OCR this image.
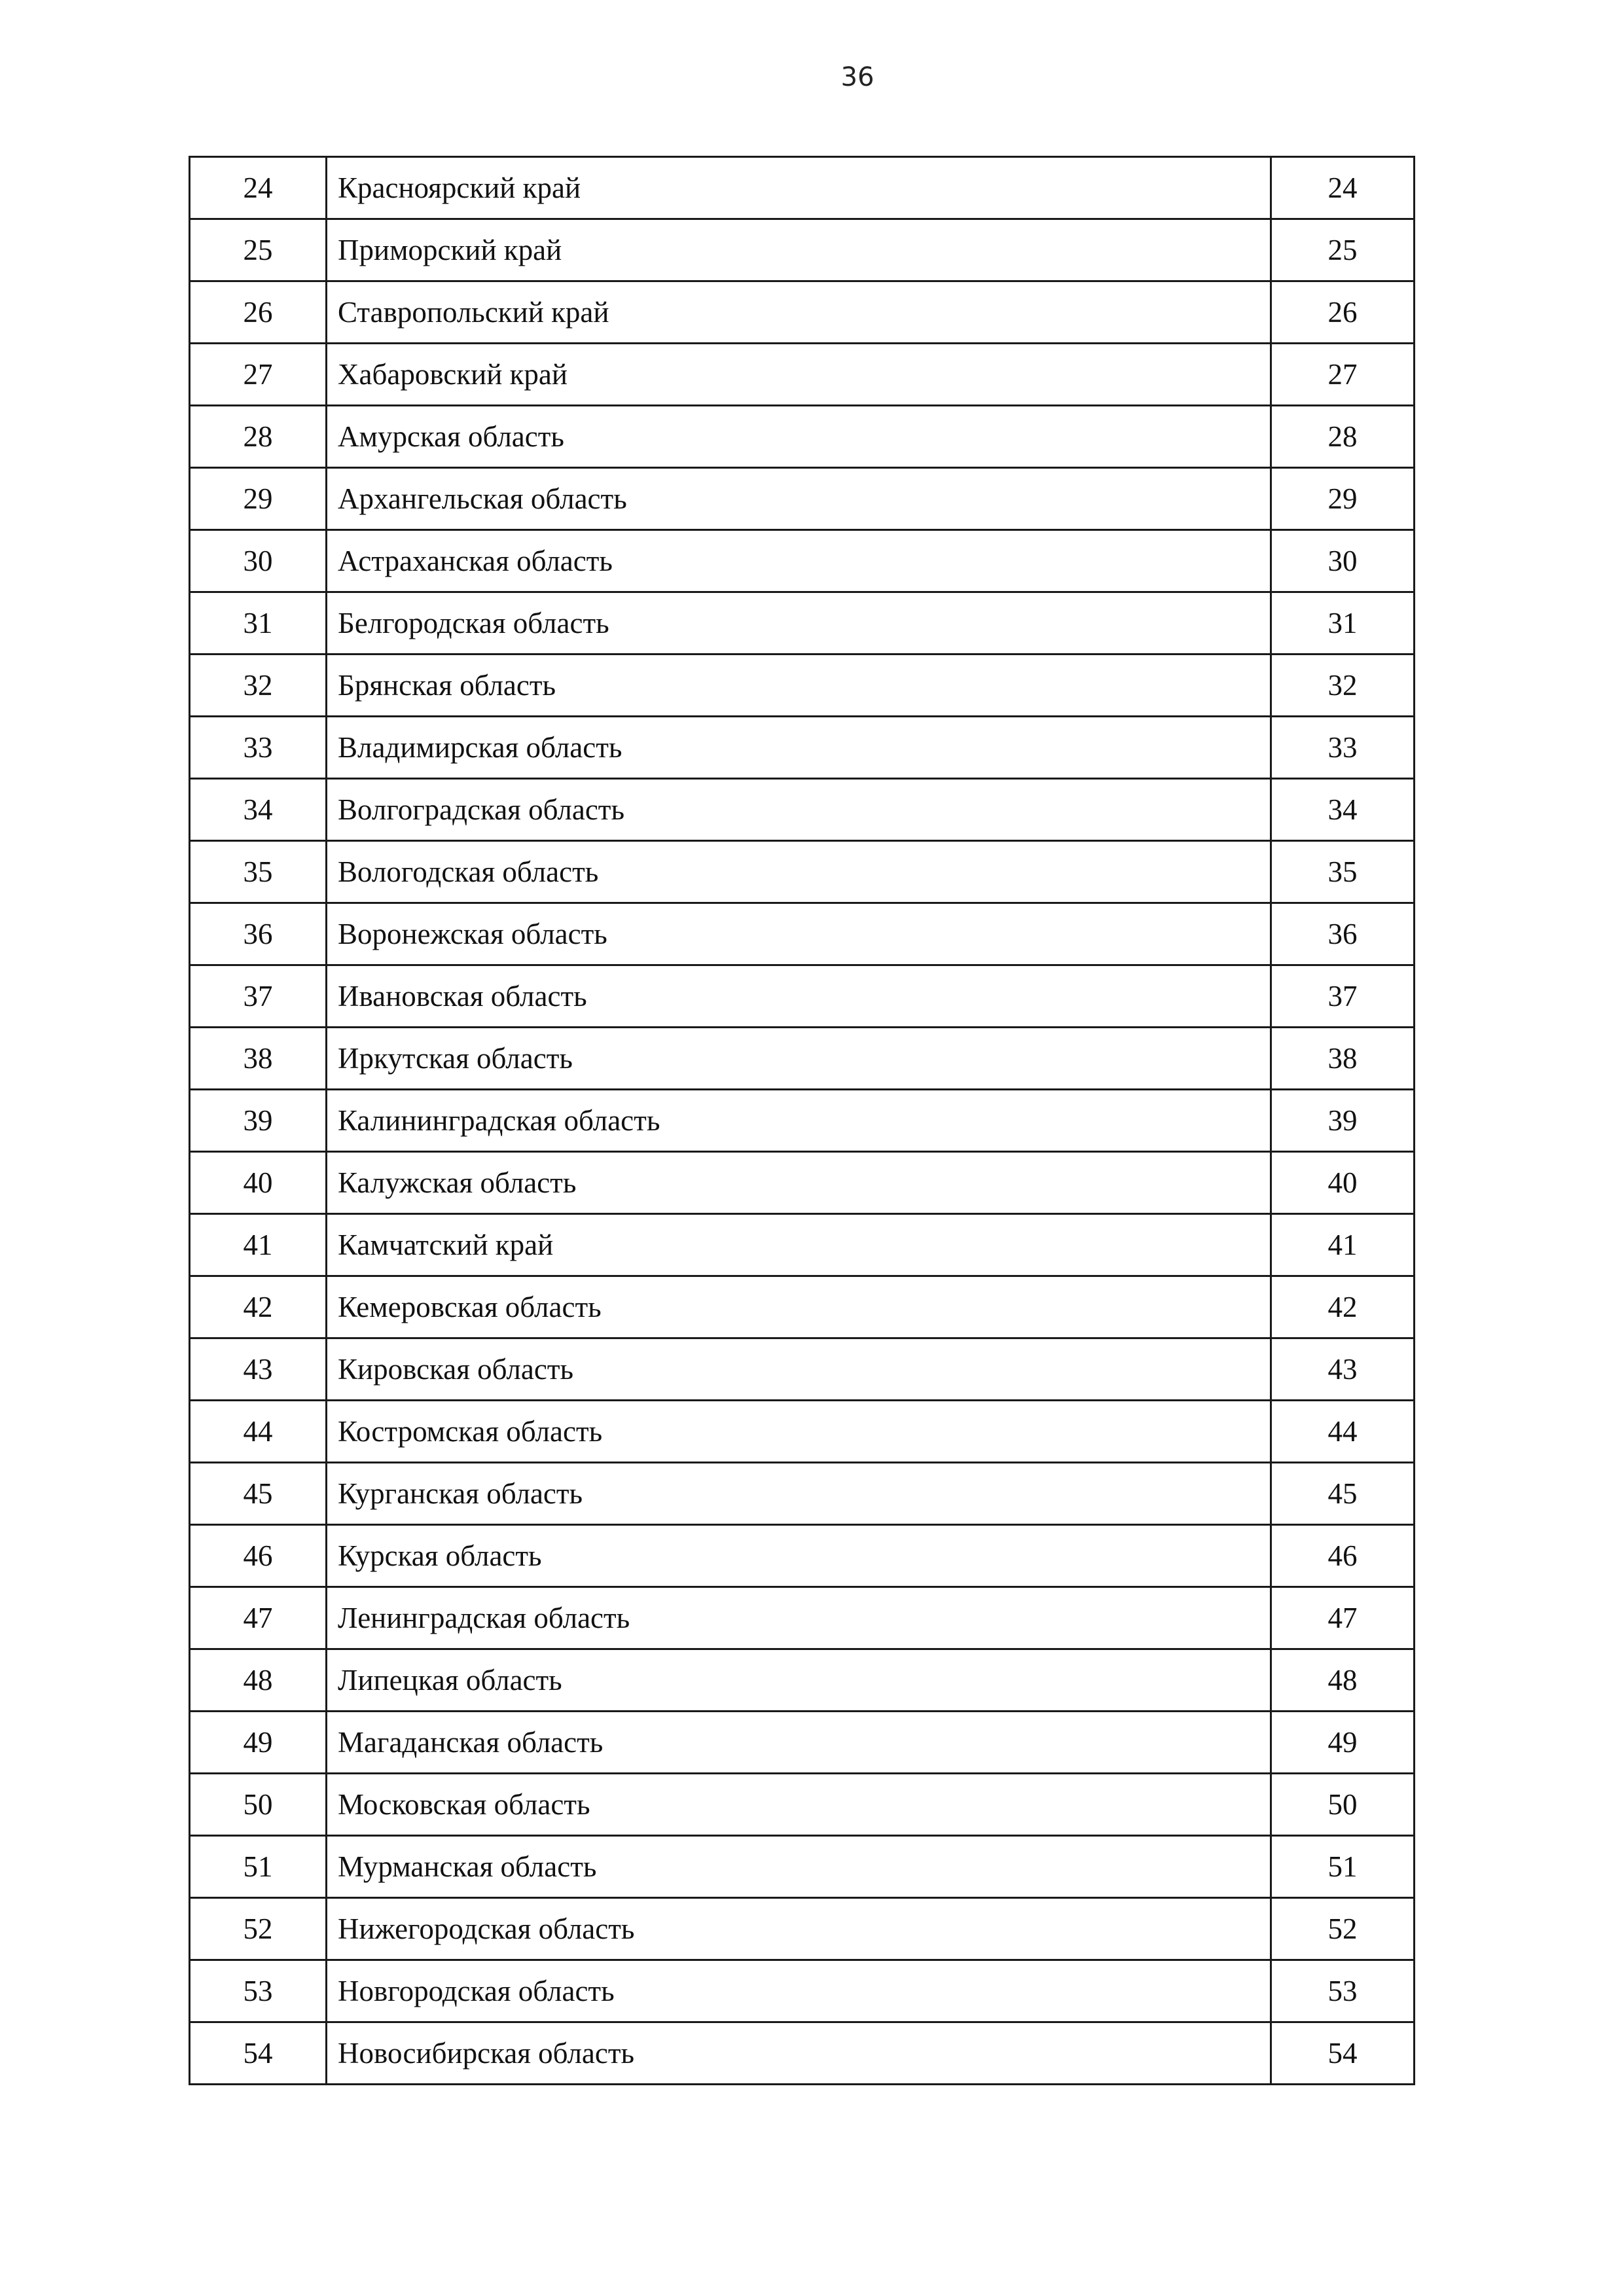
36
24	Красноярский край	24
25	Приморский край	25
26	Ставропольский край	26
27	Хабаровский край	27
28	Амурская область	28
29	Архангельская область	29
30	Астраханская область	30
31	Белгородская область	31
32	Брянская область	32
33	Владимирская область	33
34	Волгоградская область	34
35	Вологодская область	35
36	Воронежская область	36
37	Ивановская область	37
38	Иркутская область	38
39	Калининградская область	39
40	Калужская область	40
41	Камчатский край	41
42	Кемеровская область	42
43	Кировская область	43
44	Костромская область	44
45	Курганская область	45
46	Курская область	46
47	Ленинградская область	47
48	Липецкая область	48
49	Магаданская область	49
50	Московская область	50
51	Мурманская область	51
52	Нижегородская область	52
53	Новгородская область	53
54	Новосибирская область	54
